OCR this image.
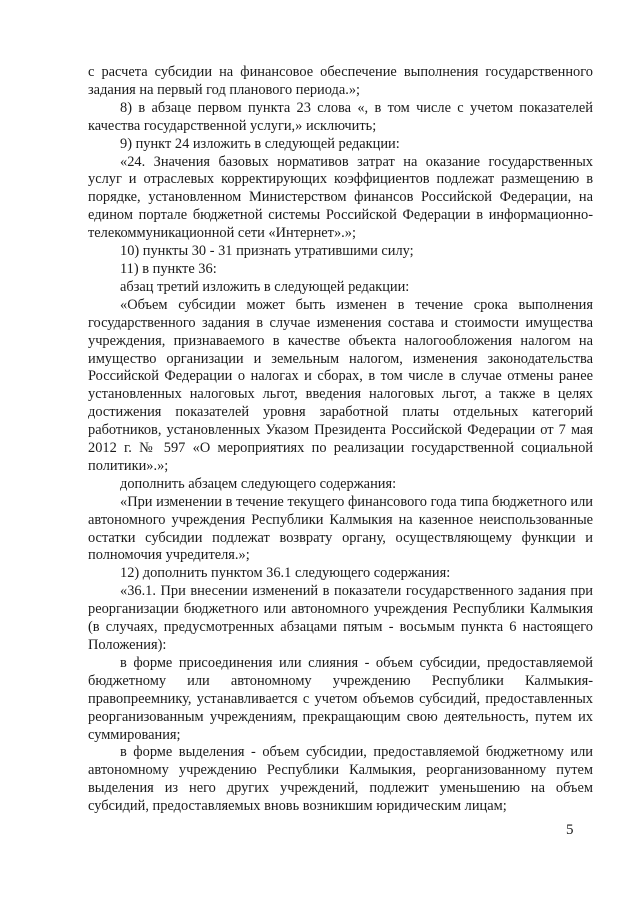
с расчета субсидии на финансовое обеспечение выполнения государственного задания на первый год планового периода.»;

8) в абзаце первом пункта 23 слова «, в том числе с учетом показателей качества государственной услуги,» исключить;

9) пункт 24 изложить в следующей редакции:

«24. Значения базовых нормативов затрат на оказание государственных услуг и отраслевых корректирующих коэффициентов подлежат размещению в порядке, установленном Министерством финансов Российской Федерации, на едином портале бюджетной системы Российской Федерации в информационно-телекоммуникационной сети «Интернет».»;

10) пункты 30 - 31 признать утратившими силу;

11) в пункте 36:

абзац третий изложить в следующей редакции:

«Объем субсидии может быть изменен в течение срока выполнения государственного задания в случае изменения состава и стоимости имущества учреждения, признаваемого в качестве объекта налогообложения налогом на имущество организации и земельным налогом, изменения законодательства Российской Федерации о налогах и сборах, в том числе в случае отмены ранее установленных налоговых льгот, введения налоговых льгот, а также в целях достижения показателей уровня заработной платы отдельных категорий работников, установленных Указом Президента Российской Федерации от 7 мая 2012 г. № 597 «О мероприятиях по реализации государственной социальной политики».»;

дополнить абзацем следующего содержания:

«При изменении в течение текущего финансового года типа бюджетного или автономного учреждения Республики Калмыкия на казенное неиспользованные остатки субсидии подлежат возврату органу, осуществляющему функции и полномочия учредителя.»;

12) дополнить пунктом 36.1 следующего содержания:

«36.1. При внесении изменений в показатели государственного задания при реорганизации бюджетного или автономного учреждения Республики Калмыкия (в случаях, предусмотренных абзацами пятым - восьмым пункта 6 настоящего Положения):

в форме присоединения или слияния - объем субсидии, предоставляемой бюджетному или автономному учреждению Республики Калмыкия-правопреемнику, устанавливается с учетом объемов субсидий, предоставленных реорганизованным учреждениям, прекращающим свою деятельность, путем их суммирования;

в форме выделения - объем субсидии, предоставляемой бюджетному или автономному учреждению Республики Калмыкия, реорганизованному путем выделения из него других учреждений, подлежит уменьшению на объем субсидий, предоставляемых вновь возникшим юридическим лицам;

5
